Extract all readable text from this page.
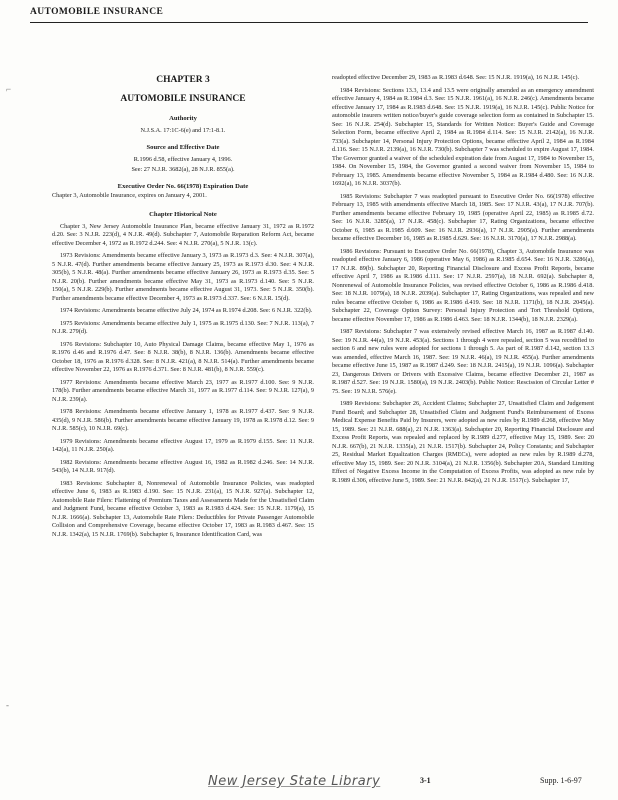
AUTOMOBILE INSURANCE
⌐
‐
CHAPTER 3
AUTOMOBILE INSURANCE
Authority
N.J.S.A. 17:1C-6(e) and 17:1-8.1.
Source and Effective Date
R.1996 d.58, effective January 4, 1996.
See: 27 N.J.R. 3682(a), 28 N.J.R. 855(a).
Executive Order No. 66(1978) Expiration Date
Chapter 3, Automobile Insurance, expires on January 4, 2001.
Chapter Historical Note

Chapter 3, New Jersey Automobile Insurance Plan, became effective January 31, 1972 as R.1972 d.20. See: 3 N.J.R. 223(d), 4 N.J.R. 49(d). Subchapter 7, Automobile Reparation Reform Act, became effective December 4, 1972 as R.1972 d.244. See: 4 N.J.R. 270(a), 5 N.J.R. 13(c).

1973 Revisions: Amendments became effective January 3, 1973 as R.1973 d.3. See: 4 N.J.R. 307(a), 5 N.J.R. 47(d). Further amendments became effective January 25, 1973 as R.1973 d.30. See: 4 N.J.R. 305(b), 5 N.J.R. 48(a). Further amendments became effective January 26, 1973 as R.1973 d.35. See: 5 N.J.R. 20(b). Further amendments became effective May 31, 1973 as R.1973 d.140. See: 5 N.J.R. 150(a), 5 N.J.R. 229(b). Further amendments became effective August 31, 1973. See: 5 N.J.R. 350(b). Further amendments became effective December 4, 1973 as R.1973 d.337. See: 6 N.J.R. 15(d).

1974 Revisions: Amendments became effective July 24, 1974 as R.1974 d.208. See: 6 N.J.R. 322(b).

1975 Revisions: Amendments became effective July 1, 1975 as R.1975 d.130. See: 7 N.J.R. 113(a), 7 N.J.R. 279(d).

1976 Revisions: Subchapter 10, Auto Physical Damage Claims, became effective May 1, 1976 as R.1976 d.46 and R.1976 d.47. See: 8 N.J.R. 38(b), 8 N.J.R. 136(b). Amendments became effective October 18, 1976 as R.1976 d.328. See: 8 N.J.R. 421(a), 8 N.J.R. 514(a). Further amendments became effective November 22, 1976 as R.1976 d.371. See: 8 N.J.R. 481(b), 8 N.J.R. 559(c).

1977 Revisions: Amendments became effective March 23, 1977 as R.1977 d.100. See: 9 N.J.R. 178(b). Further amendments became effective March 31, 1977 as R.1977 d.114. See: 9 N.J.R. 127(a), 9 N.J.R. 239(a).

1978 Revisions: Amendments became effective January 1, 1978 as R.1977 d.437. See: 9 N.J.R. 435(d), 9 N.J.R. 586(b). Further amendments became effective January 19, 1978 as R.1978 d.12. See: 9 N.J.R. 585(c), 10 N.J.R. 69(c).

1979 Revisions: Amendments became effective August 17, 1979 as R.1979 d.155. See: 11 N.J.R. 142(a), 11 N.J.R. 250(a).

1982 Revisions: Amendments became effective August 16, 1982 as R.1982 d.246. See: 14 N.J.R. 543(b), 14 N.J.R. 917(d).

1983 Revisions: Subchapter 8, Nonrenewal of Automobile Insurance Policies, was readopted effective June 6, 1983 as R.1983 d.190. See: 15 N.J.R. 231(a), 15 N.J.R. 927(a). Subchapter 12, Automobile Rate Filers: Flattening of Premium Taxes and Assessments Made for the Unsatisfied Claim and Judgment Fund, became effective October 3, 1983 as R.1983 d.424. See: 15 N.J.R. 1179(a), 15 N.J.R. 1666(a). Subchapter 13, Automobile Rate Filers: Deductibles for Private Passenger Automobile Collision and Comprehensive Coverage, became effective October 17, 1983 as R.1983 d.467. See: 15 N.J.R. 1342(a), 15 N.J.R. 1769(b). Subchapter 6, Insurance Identification Card, was

readopted effective December 29, 1983 as R.1983 d.648. See: 15 N.J.R. 1919(a), 16 N.J.R. 145(c).

1984 Revisions: Sections 13.3, 13.4 and 13.5 were originally amended as an emergency amendment effective January 4, 1984 as R.1984 d.3. See: 15 N.J.R. 1961(a), 16 N.J.R. 246(c). Amendments became effective January 17, 1984 as R.1983 d.648. See: 15 N.J.R. 1919(a), 16 N.J.R. 145(c). Public Notice for automobile insurers written notice/buyer's guide coverage selection form as contained in Subchapter 15. See: 16 N.J.R. 254(d). Subchapter 15, Standards for Written Notice: Buyer's Guide and Coverage Selection Form, became effective April 2, 1984 as R.1984 d.114. See: 15 N.J.R. 2142(a), 16 N.J.R. 733(a). Subchapter 14, Personal Injury Protection Options, became effective April 2, 1984 as R.1984 d.116. See: 15 N.J.R. 2139(a), 16 N.J.R. 730(b). Subchapter 7 was scheduled to expire August 17, 1984. The Governor granted a waiver of the scheduled expiration date from August 17, 1984 to November 15, 1984. On November 15, 1984, the Governor granted a second waiver from November 15, 1984 to February 13, 1985. Amendments became effective November 5, 1984 as R.1984 d.480. See: 16 N.J.R. 1692(a), 16 N.J.R. 3037(b).

1985 Revisions: Subchapter 7 was readopted pursuant to Executive Order No. 66(1978) effective February 13, 1985 with amendments effective March 18, 1985. See: 17 N.J.R. 43(a), 17 N.J.R. 707(b). Further amendments became effective February 19, 1985 (operative April 22, 1985) as R.1985 d.72. See: 16 N.J.R. 3285(a), 17 N.J.R. 458(c). Subchapter 17, Rating Organizations, became effective October 6, 1985 as R.1985 d.609. See: 16 N.J.R. 2936(a), 17 N.J.R. 2905(a). Further amendments became effective December 16, 1985 as R.1985 d.629. See: 16 N.J.R. 3170(a), 17 N.J.R. 2988(a).

1986 Revisions: Pursuant to Executive Order No. 66(1978), Chapter 3, Automobile Insurance was readopted effective January 6, 1986 (operative May 6, 1986) as R.1985 d.654. See: 16 N.J.R. 3286(a), 17 N.J.R. 89(b). Subchapter 20, Reporting Financial Disclosure and Excess Profit Reports, became effective April 7, 1986 as R.1986 d.111. See: 17 N.J.R. 2597(a), 18 N.J.R. 692(a). Subchapter 8, Nonrenewal of Automobile Insurance Policies, was revised effective October 6, 1986 as R.1986 d.418. See: 18 N.J.R. 1079(a), 18 N.J.R. 2039(a). Subchapter 17, Rating Organizations, was repealed and new rules became effective October 6, 1986 as R.1986 d.419. See: 18 N.J.R. 1171(b), 18 N.J.R. 2045(a). Subchapter 22, Coverage Option Survey: Personal Injury Protection and Tort Threshold Options, became effective November 17, 1986 as R.1986 d.463. See: 18 N.J.R. 1344(b), 18 N.J.R. 2329(a).

1987 Revisions: Subchapter 7 was extensively revised effective March 16, 1987 as R.1987 d.140. See: 19 N.J.R. 44(a), 19 N.J.R. 453(a). Sections 1 through 4 were repealed, section 5 was recodified to section 6 and new rules were adopted for sections 1 through 5. As part of R.1987 d.142, section 13.3 was amended, effective March 16, 1987. See: 19 N.J.R. 46(a), 19 N.J.R. 455(a). Further amendments became effective June 15, 1987 as R.1987 d.249. See: 18 N.J.R. 2415(a), 19 N.J.R. 1096(a). Subchapter 23, Dangerous Drivers or Drivers with Excessive Claims, became effective December 21, 1987 as R.1987 d.527. See: 19 N.J.R. 1580(a), 19 N.J.R. 2403(b). Public Notice: Rescission of Circular Letter # 75. See: 19 N.J.R. 576(e).

1989 Revisions: Subchapter 26, Accident Claims; Subchapter 27, Unsatisfied Claim and Judgement Fund Board; and Subchapter 28, Unsatisfied Claim and Judgment Fund's Reimbursement of Excess Medical Expense Benefits Paid by Insurers, were adopted as new rules by R.1989 d.268, effective May 15, 1989. See: 21 N.J.R. 688(a), 21 N.J.R. 1363(a). Subchapter 20, Reporting Financial Disclosure and Excess Profit Reports, was repealed and replaced by R.1989 d.277, effective May 15, 1989. See: 20 N.J.R. 667(b), 21 N.J.R. 1335(a), 21 N.J.R. 1517(b). Subchapter 24, Policy Constants; and Subchapter 25, Residual Market Equalization Charges (RMECs), were adopted as new rules by R.1989 d.278, effective May 15, 1989. See: 20 N.J.R. 3104(a), 21 N.J.R. 1356(b). Subchapter 20A, Standard Limiting Effect of Negative Excess Income in the Computation of Excess Profits, was adopted as new rule by R.1989 d.306, effective June 5, 1989. See: 21 N.J.R. 842(a), 21 N.J.R. 1517(c). Subchapter 17,

New Jersey State Library	3-1	Supp. 1-6-97
